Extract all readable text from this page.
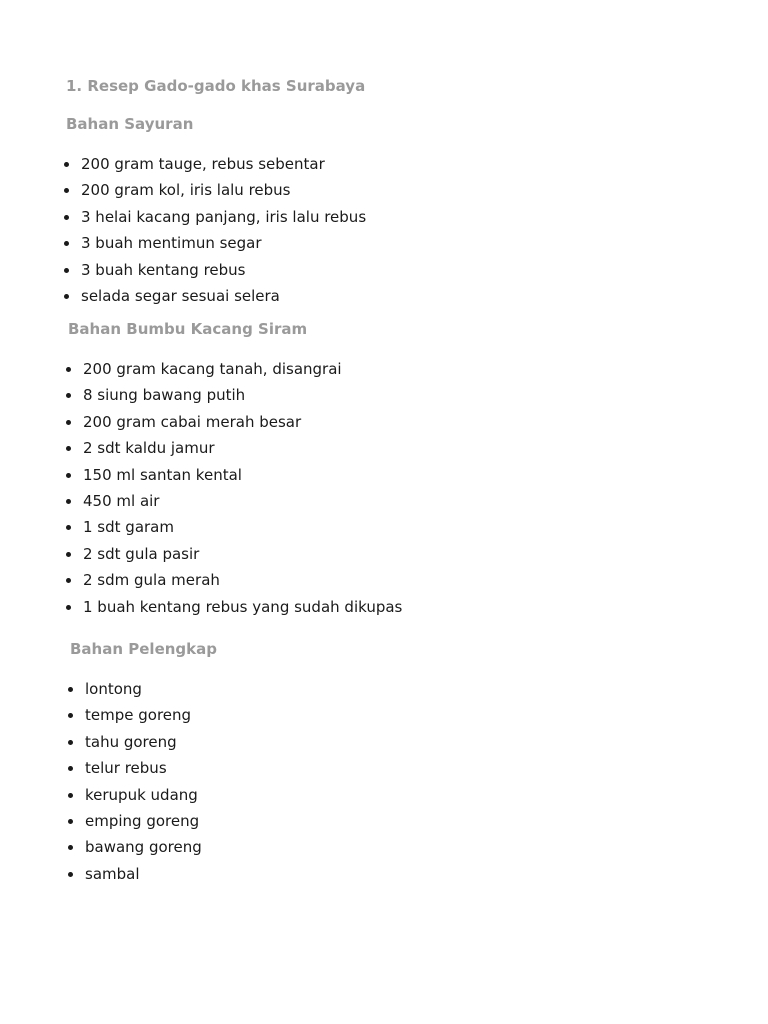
1. Resep Gado-gado khas Surabaya
Bahan Sayuran
200 gram tauge, rebus sebentar
200 gram kol, iris lalu rebus
3 helai kacang panjang, iris lalu rebus
3 buah mentimun segar
3 buah kentang rebus
selada segar sesuai selera
Bahan Bumbu Kacang Siram
200 gram kacang tanah, disangrai
8 siung bawang putih
200 gram cabai merah besar
2 sdt kaldu jamur
150 ml santan kental
450 ml air
1 sdt garam
2 sdt gula pasir
2 sdm gula merah
1 buah kentang rebus yang sudah dikupas
Bahan Pelengkap
lontong
tempe goreng
tahu goreng
telur rebus
kerupuk udang
emping goreng
bawang goreng
sambal
